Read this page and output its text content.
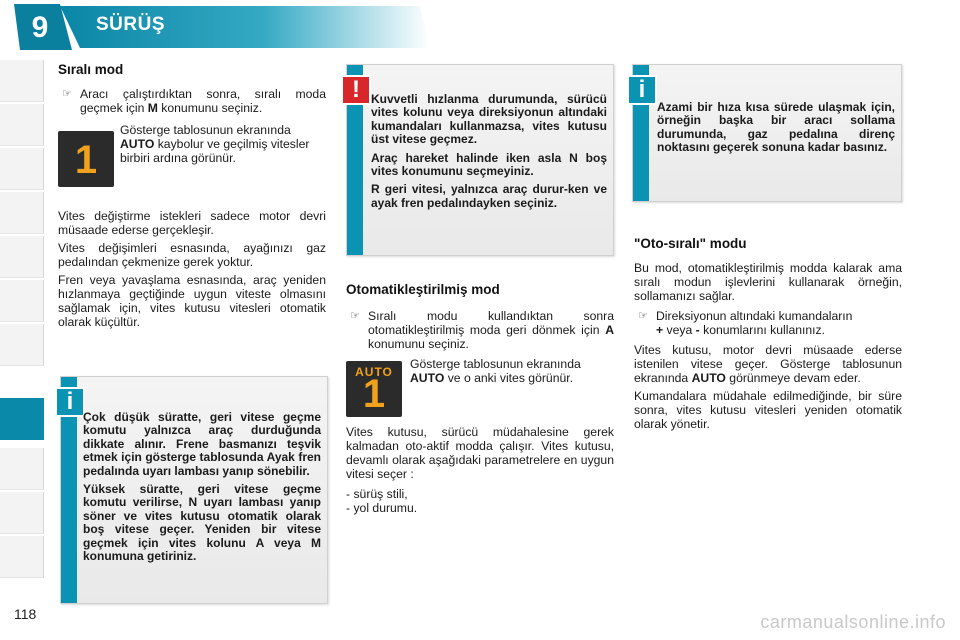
9	SÜRÜŞ
Sıralı mod
☞ Aracı çalıştırdıktan sonra, sıralı moda geçmek için M konumunu seçiniz.
1
Gösterge tablosunun ekranında AUTO kaybolur ve geçilmiş vitesler birbiri ardına görünür.

Vites değiştirme istekleri sadece motor devri müsaade ederse gerçekleşir.

Vites değişimleri esnasında, ayağınızı gaz pedalından çekmenize gerek yoktur.

Fren veya yavaşlama esnasında, araç yeniden hızlanmaya geçtiğinde uygun viteste olmasını sağlamak için, vites kutusu vitesleri otomatik olarak küçültür.

i

Çok düşük süratte, geri vitese geçme komutu yalnızca araç durduğunda dikkate alınır. Frene basmanızı teşvik etmek için gösterge tablosunda Ayak fren pedalında uyarı lambası yanıp sönebilir.

Yüksek süratte, geri vitese geçme komutu verilirse, N uyarı lambası yanıp söner ve vites kutusu otomatik olarak boş vitese geçer. Yeniden bir vitese geçmek için vites kolunu A veya M konumuna getiriniz.

! Kuvvetli hızlanma durumunda, sürücü vites kolunu veya direksiyonun altındaki kumandaları kullanmazsa, vites kutusu üst vitese geçmez.

Araç hareket halinde iken asla N boş vites konumunu seçmeyiniz.

R geri vitesi, yalnızca araç durur-ken ve ayak fren pedalındayken seçiniz.

Otomatikleştirilmiş mod
☞ Sıralı modu kullandıktan sonra otomatikleştirilmiş moda geri dönmek için A konumunu seçiniz.
AUTO
1
Gösterge tablosunun ekranında AUTO ve o anki vites görünür.

Vites kutusu, sürücü müdahalesine gerek kalmadan oto-aktif modda çalışır. Vites kutusu, devamlı olarak aşağıdaki parametrelere en uygun vitesi seçer :

- sürüş stili,

- yol durumu.

i
Azami bir hıza kısa sürede ulaşmak için, örneğin başka bir aracı sollama durumunda, gaz pedalına direnç noktasını geçerek sonuna kadar basınız.
"Oto-sıralı" modu

Bu mod, otomatikleştirilmiş modda kalarak ama sıralı modun işlevlerini kullanarak örneğin, sollamanızı sağlar.

☞ Direksiyonun altındaki kumandaların
+ veya - konumlarını kullanınız.

Vites kutusu, motor devri müsaade ederse istenilen vitese geçer. Gösterge tablosunun ekranında AUTO görünmeye devam eder.

Kumandalara müdahale edilmediğinde, bir süre sonra, vites kutusu vitesleri yeniden otomatik olarak yönetir.

118	carmanualsonline.info
